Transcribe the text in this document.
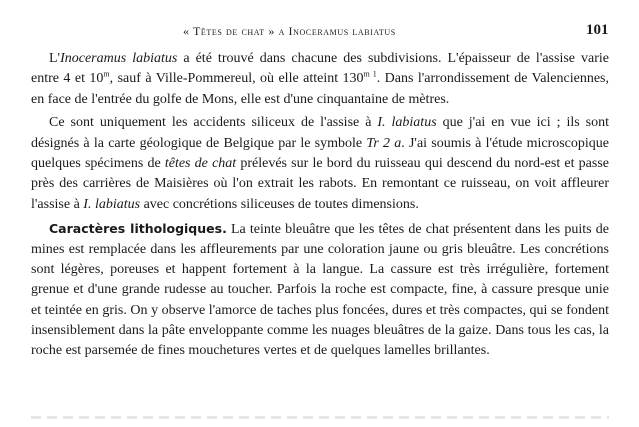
« Têtes de chat » a Inoceramus labiatus	101

L'Inoceramus labiatus a été trouvé dans chacune des subdivisions. L'épaisseur de l'assise varie entre 4 et 10$^m$, sauf à Ville-Pommereul, où elle atteint $130^{m 1}$. Dans l'arrondissement de Valenciennes, en face de l'entrée du golfe de Mons, elle est d'une cinquantaine de mètres.

Ce sont uniquement les accidents siliceux de l'assise à I. labiatus que j'ai en vue ici ; ils sont désignés à la carte géologique de Belgique par le symbole Tr 2 a. J'ai soumis à l'étude microscopique quelques spécimens de têtes de chat prélevés sur le bord du ruisseau qui descend du nord-est et passe près des carrières de Maisières où l'on extrait les rabots. En remontant ce ruisseau, on voit affleurer l'assise à I. labiatus avec concrétions siliceuses de toutes dimensions.

Caractères lithologiques. La teinte bleuâtre que les têtes de chat présentent dans les puits de mines est remplacée dans les affleurements par une coloration jaune ou gris bleuâtre. Les concrétions sont légères, poreuses et happent fortement à la langue. La cassure est très irrégulière, fortement grenue et d'une grande rudesse au toucher. Parfois la roche est compacte, fine, à cassure presque unie et teintée en gris. On y observe l'amorce de taches plus foncées, dures et très compactes, qui se fondent insensiblement dans la pâte enveloppante comme les nuages bleuâtres de la gaize. Dans tous les cas, la roche est parsemée de fines mouchetures vertes et de quelques lamelles brillantes.
